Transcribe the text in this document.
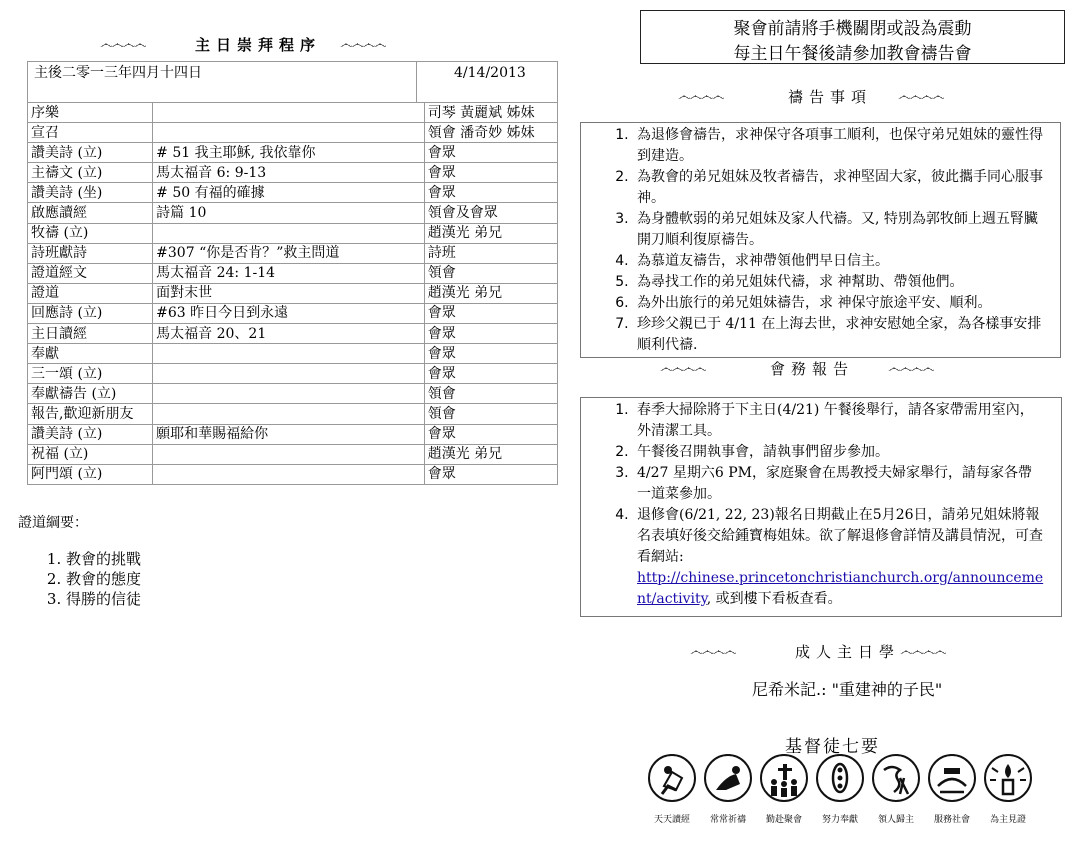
෴෴෴෴	主日崇拜程序 ෴෴෴෴
主後二零一三年四月十四日 4/14/2013		

序樂		司琴 黃麗斌 姊妹
宣召		領會 潘奇妙 姊妹
讚美詩 (立)	# 51 我主耶穌, 我依靠你	會眾
主禱文 (立)	馬太福音 6: 9-13	會眾
讚美詩 (坐)	# 50 有福的確據	會眾
啟應讀經	詩篇 10	領會及會眾
牧禱 (立)		趙漢光 弟兄
詩班獻詩	#307 “你是否肯？”救主問道	詩班
證道經文	馬太福音 24: 1-14	領會
證道	面對末世	趙漢光 弟兄
回應詩 (立)	#63 昨日今日到永遠	會眾
主日讀經	馬太福音 20、21	會眾
奉獻		會眾
三一頌 (立)		會眾
奉獻禱告 (立)		領會
報告,歡迎新朋友		領會
讚美詩 (立)	願耶和華賜福給你	會眾
祝福 (立)		趙漢光 弟兄
阿門頌 (立)		會眾
證道綱要：
1. 教會的挑戰
2. 教會的態度
3. 得勝的信徒
聚會前請將手機關閉或設為震動
每主日午餐後請參加教會禱告會
෴෴෴෴	禱告事項 ෴෴෴෴
1. 為退修會禱告，求神保守各項事工順利，也保守弟兄姐妹的靈性得到建造。
2. 為教會的弟兄姐妹及牧者禱告，求神堅固大家，彼此攜手同心服事神。
3. 為身體軟弱的弟兄姐妹及家人代禱。又, 特別為郭牧師上週五腎臟開刀順利復原禱告。
4. 為慕道友禱告，求神帶領他們早日信主。
5. 為尋找工作的弟兄姐妹代禱，求 神幫助、帶領他們。
6. 為外出旅行的弟兄姐妹禱告，求 神保守旅途平安、順利。
7. 珍珍父親已于 4/11 在上海去世，求神安慰她全家，為各樣事安排順利代禱.
෴෴෴෴	會務報告	෴෴෴෴
1. 春季大掃除將于下主日(4/21) 午餐後舉行，請各家帶需用室內，外清潔工具。
2. 午餐後召開執事會，請執事們留步參加。
3. 4/27 星期六6 PM，家庭聚會在馬教授夫婦家舉行，請每家各帶一道菜參加。
4. 退修會(6/21, 22, 23)報名日期截止在5月26日，請弟兄姐妹將報名表填好後交給鍾寶梅姐妹。欲了解退修會詳情及講員情況，可查看網站:
http://chinese.princetonchristianchurch.org/announcement/activity, 或到樓下看板查看。
෴෴෴෴	成人主日學 ෴෴෴෴
尼希米記.: "重建神的子民"
基督徒七要
天天讀經	常常祈禱	勤赴聚會	努力奉獻	領人歸主	服務社會	為主見證
